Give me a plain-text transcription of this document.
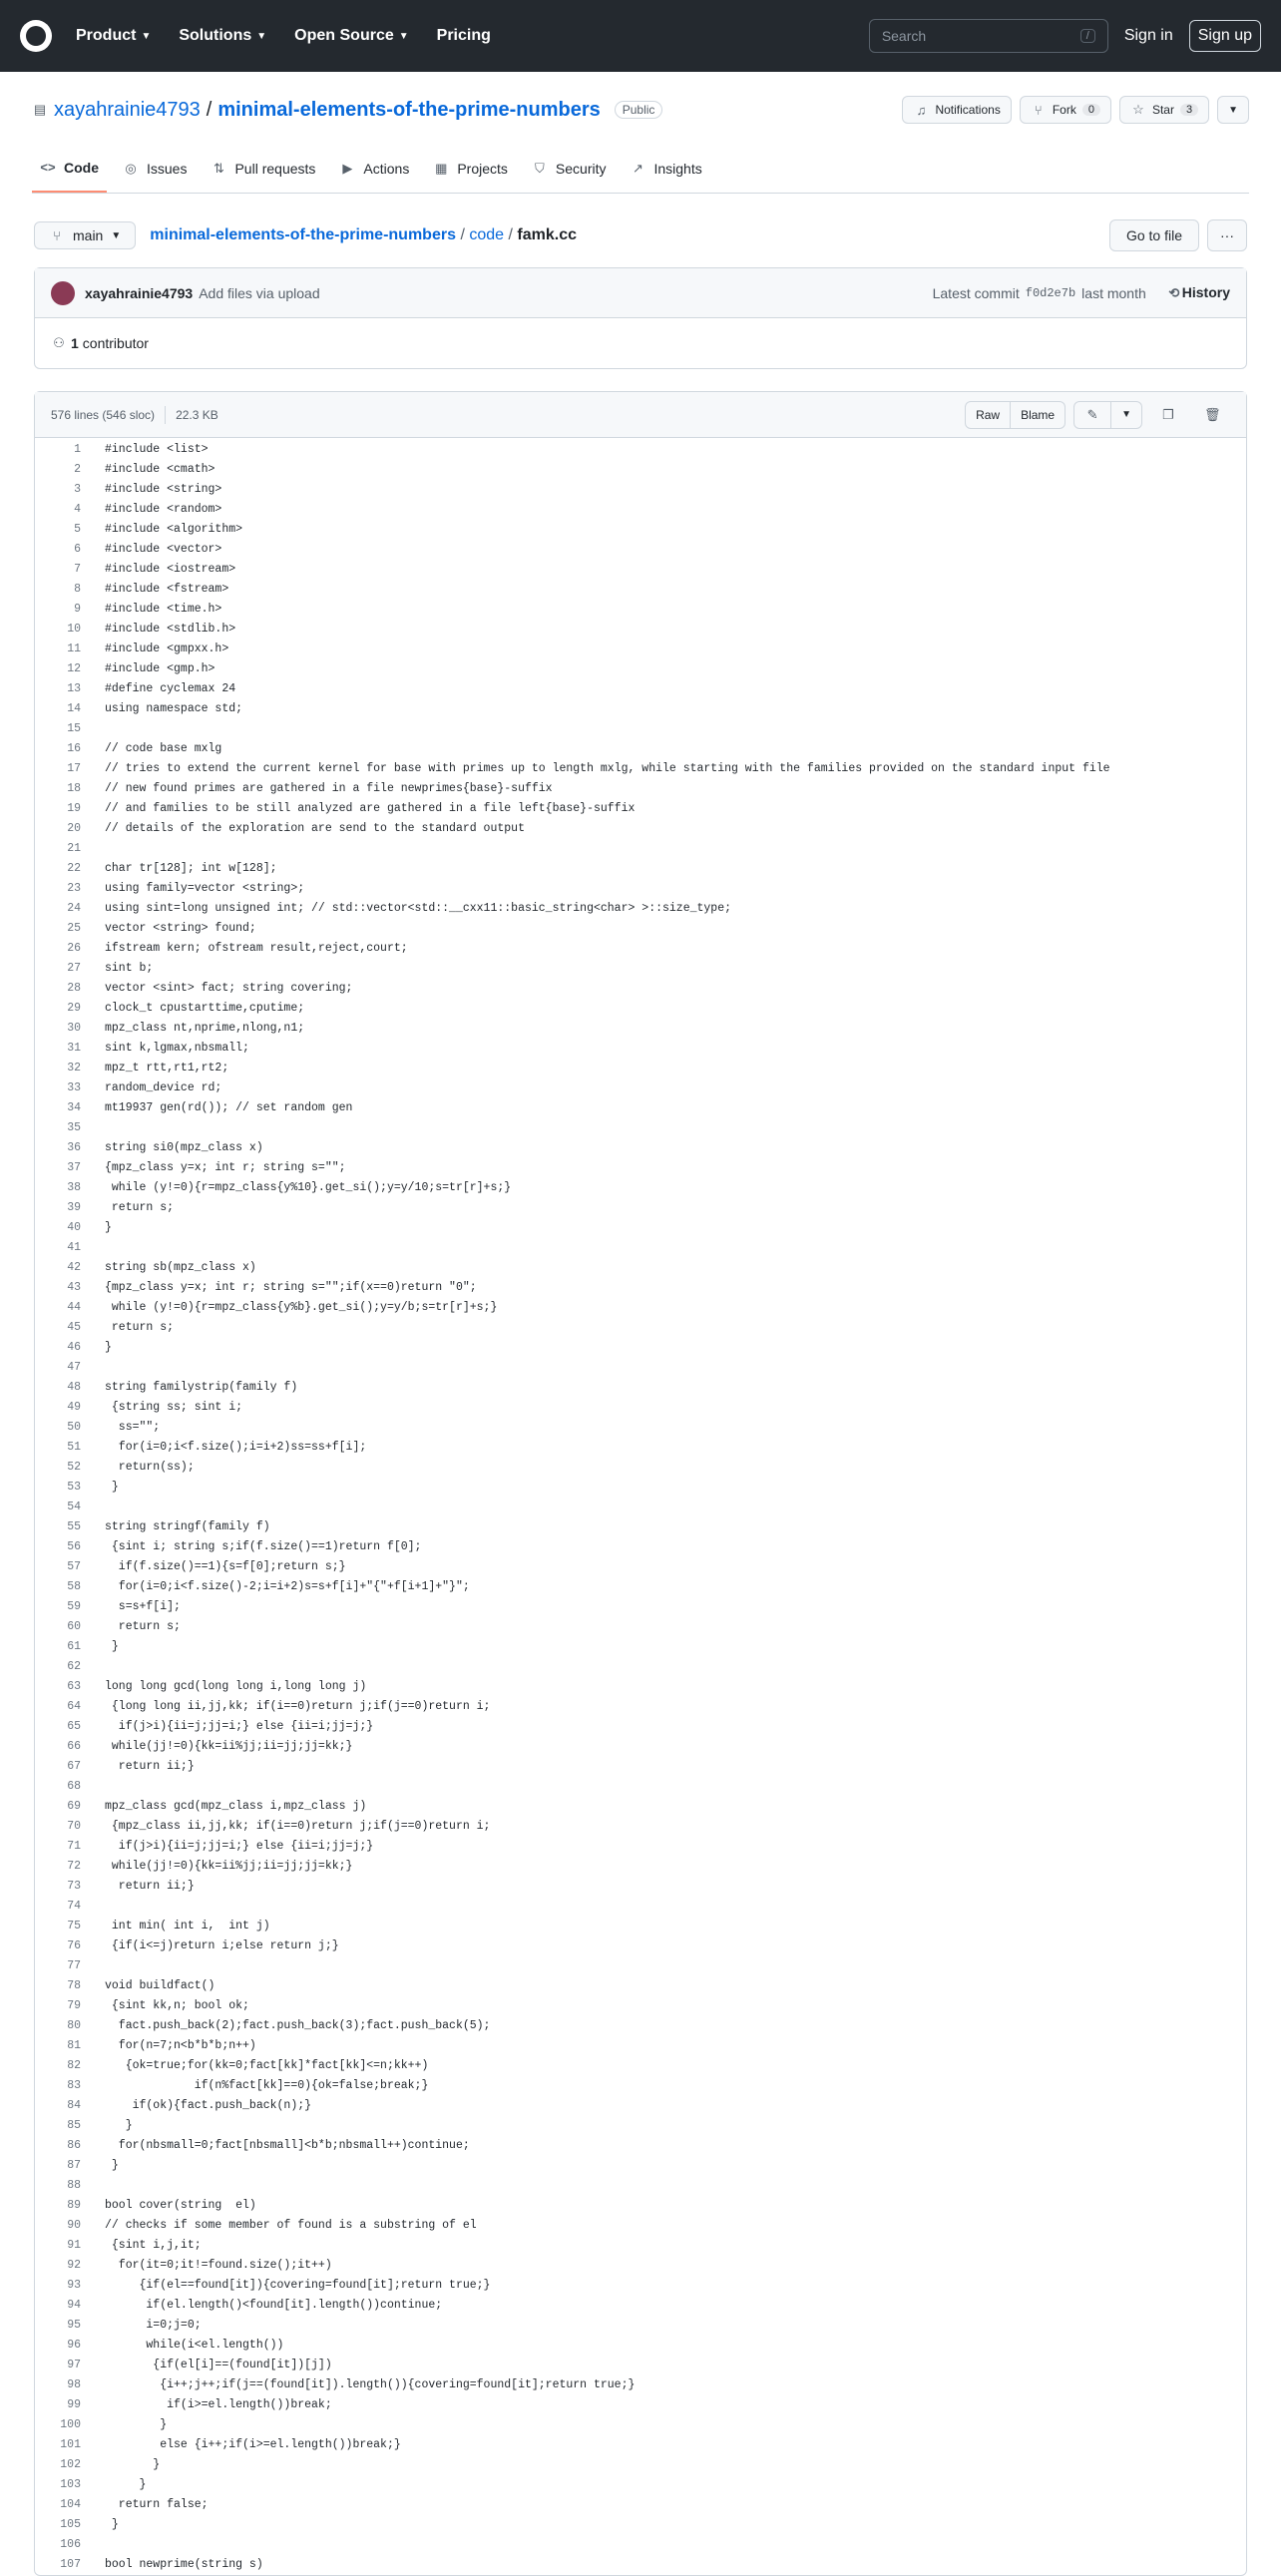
Product ▼ Solutions ▼ Open Source ▼ Pricing	Search	/	Sign in	Sign up
▤ xayahrainie4793 / minimal-elements-of-the-prime-numbers	Public	♫ Notifications	⑂ Fork	0	☆ Star	3	▼
<> Code ◎ Issues ⇅ Pull requests ▶ Actions ▦ Projects ⛉ Security ↗ Insights
⑂ main ▼ minimal-elements-of-the-prime-numbers / code / famk.cc	Go to file	···
xayahrainie4793 Add files via upload	Latest commit f0d2e7b last month ⟲ History
⚇ 1 contributor
576 lines (546 sloc) 22.3 KB	Raw	Blame	✎ ▼ ❐ 🗑
1	#include <list>
2	#include <cmath>
3	#include <string>
4	#include <random>
5	#include <algorithm>
6	#include <vector>
7	#include <iostream>
8	#include <fstream>
9	#include <time.h>
10	#include <stdlib.h>
11	#include <gmpxx.h>
12	#include <gmp.h>
13	#define cyclemax 24
14	using namespace std;
15
16	// code base mxlg
17	// tries to extend the current kernel for base with primes up to length mxlg, while starting with the families provided on the standard input file
18	// new found primes are gathered in a file newprimes{base}-suffix
19	// and families to be still analyzed are gathered in a file left{base}-suffix
20	// details of the exploration are send to the standard output
21
22	char tr[128]; int w[128];
23	using family=vector <string>;
24	using sint=long unsigned int; // std::vector<std::__cxx11::basic_string<char> >::size_type;
25	vector <string> found;
26	ifstream kern; ofstream result,reject,court;
27	sint b;
28	vector <sint> fact; string covering;
29	clock_t cpustarttime,cputime;
30	mpz_class nt,nprime,nlong,n1;
31	sint k,lgmax,nbsmall;
32	mpz_t rtt,rt1,rt2;
33	random_device rd;
34	mt19937 gen(rd()); // set random gen
35
36	string si0(mpz_class x)
37	{mpz_class y=x; int r; string s="";
38	while (y!=0){r=mpz_class{y%10}.get_si();y=y/10;s=tr[r]+s;}
39	return s;
40	}
41
42	string sb(mpz_class x)
43	{mpz_class y=x; int r; string s="";if(x==0)return "0";
44	while (y!=0){r=mpz_class{y%b}.get_si();y=y/b;s=tr[r]+s;}
45	return s;
46	}
47
48	string familystrip(family f)
49	{string ss; sint i;
50	ss="";
51	for(i=0;i<f.size();i=i+2)ss=ss+f[i];
52	return(ss);
53	}
54
55	string stringf(family f)
56	{sint i; string s;if(f.size()==1)return f[0];
57	if(f.size()==1){s=f[0];return s;}
58	for(i=0;i<f.size()-2;i=i+2)s=s+f[i]+"{"+f[i+1]+"}";
59	s=s+f[i];
60	return s;
61	}
62
63	long long gcd(long long i,long long j)
64	{long long ii,jj,kk; if(i==0)return j;if(j==0)return i;
65	if(j>i){ii=j;jj=i;} else {ii=i;jj=j;}
66	while(jj!=0){kk=ii%jj;ii=jj;jj=kk;}
67	return ii;}
68
69	mpz_class gcd(mpz_class i,mpz_class j)
70	{mpz_class ii,jj,kk; if(i==0)return j;if(j==0)return i;
71	if(j>i){ii=j;jj=i;} else {ii=i;jj=j;}
72	while(jj!=0){kk=ii%jj;ii=jj;jj=kk;}
73	return ii;}
74
75	int min( int i,  int j)
76	{if(i<=j)return i;else return j;}
77
78	void buildfact()
79	{sint kk,n; bool ok;
80	fact.push_back(2);fact.push_back(3);fact.push_back(5);
81	for(n=7;n<b*b*b;n++)
82	{ok=true;for(kk=0;fact[kk]*fact[kk]<=n;kk++)
83	if(n%fact[kk]==0){ok=false;break;}
84	if(ok){fact.push_back(n);}
85	}
86	for(nbsmall=0;fact[nbsmall]<b*b;nbsmall++)continue;
87	}
88
89	bool cover(string  el)
90	// checks if some member of found is a substring of el
91	{sint i,j,it;
92	for(it=0;it!=found.size();it++)
93	{if(el==found[it]){covering=found[it];return true;}
94	if(el.length()<found[it].length())continue;
95	i=0;j=0;
96	while(i<el.length())
97	{if(el[i]==(found[it])[j])
98	{i++;j++;if(j==(found[it]).length()){covering=found[it];return true;}
99	if(i>=el.length())break;
100	}
101	else {i++;if(i>=el.length())break;}
102	}
103	}
104	return false;
105	}
106
107	bool newprime(string s)
